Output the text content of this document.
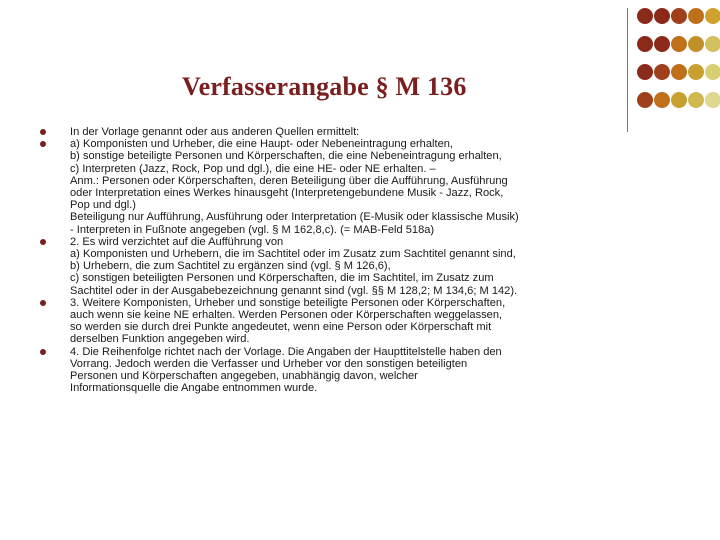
Verfasserangabe § M 136
In der Vorlage genannt oder aus anderen Quellen ermittelt:
a) Komponisten und Urheber, die eine Haupt- oder Nebeneintragung erhalten,
b) sonstige beteiligte Personen und Körperschaften, die eine Nebeneintragung erhalten,
c) Interpreten (Jazz, Rock, Pop und dgl.), die eine HE- oder NE erhalten. –
Anm.: Personen oder Körperschaften, deren Beteiligung über die Aufführung, Ausführung
oder Interpretation eines Werkes hinausgeht (Interpretengebundene Musik - Jazz, Rock,
Pop und dgl.)
Beteiligung nur Aufführung, Ausführung oder Interpretation (E-Musik oder klassische Musik)
- Interpreten in Fußnote angegeben (vgl. § M 162,8,c). (= MAB-Feld 518a)
2. Es wird verzichtet auf die Aufführung von
a) Komponisten und Urhebern, die im Sachtitel oder im Zusatz zum Sachtitel genannt sind,
b) Urhebern, die zum Sachtitel zu ergänzen sind (vgl. § M 126,6),
c) sonstigen beteiligten Personen und Körperschaften, die im Sachtitel, im Zusatz zum
Sachtitel oder in der Ausgabebezeichnung genannt sind (vgl. §§ M 128,2; M 134,6; M 142).
3. Weitere Komponisten, Urheber und sonstige beteiligte Personen oder Körperschaften,
auch wenn sie keine NE erhalten. Werden Personen oder Körperschaften weggelassen,
so werden sie durch drei Punkte angedeutet, wenn eine Person oder Körperschaft mit
derselben Funktion angegeben wird.
4. Die Reihenfolge richtet nach der Vorlage. Die Angaben der Haupttitelstelle haben den
Vorrang. Jedoch werden die Verfasser und Urheber vor den sonstigen beteiligten
Personen und Körperschaften angegeben, unabhängig davon, welcher
Informationsquelle die Angabe entnommen wurde.
